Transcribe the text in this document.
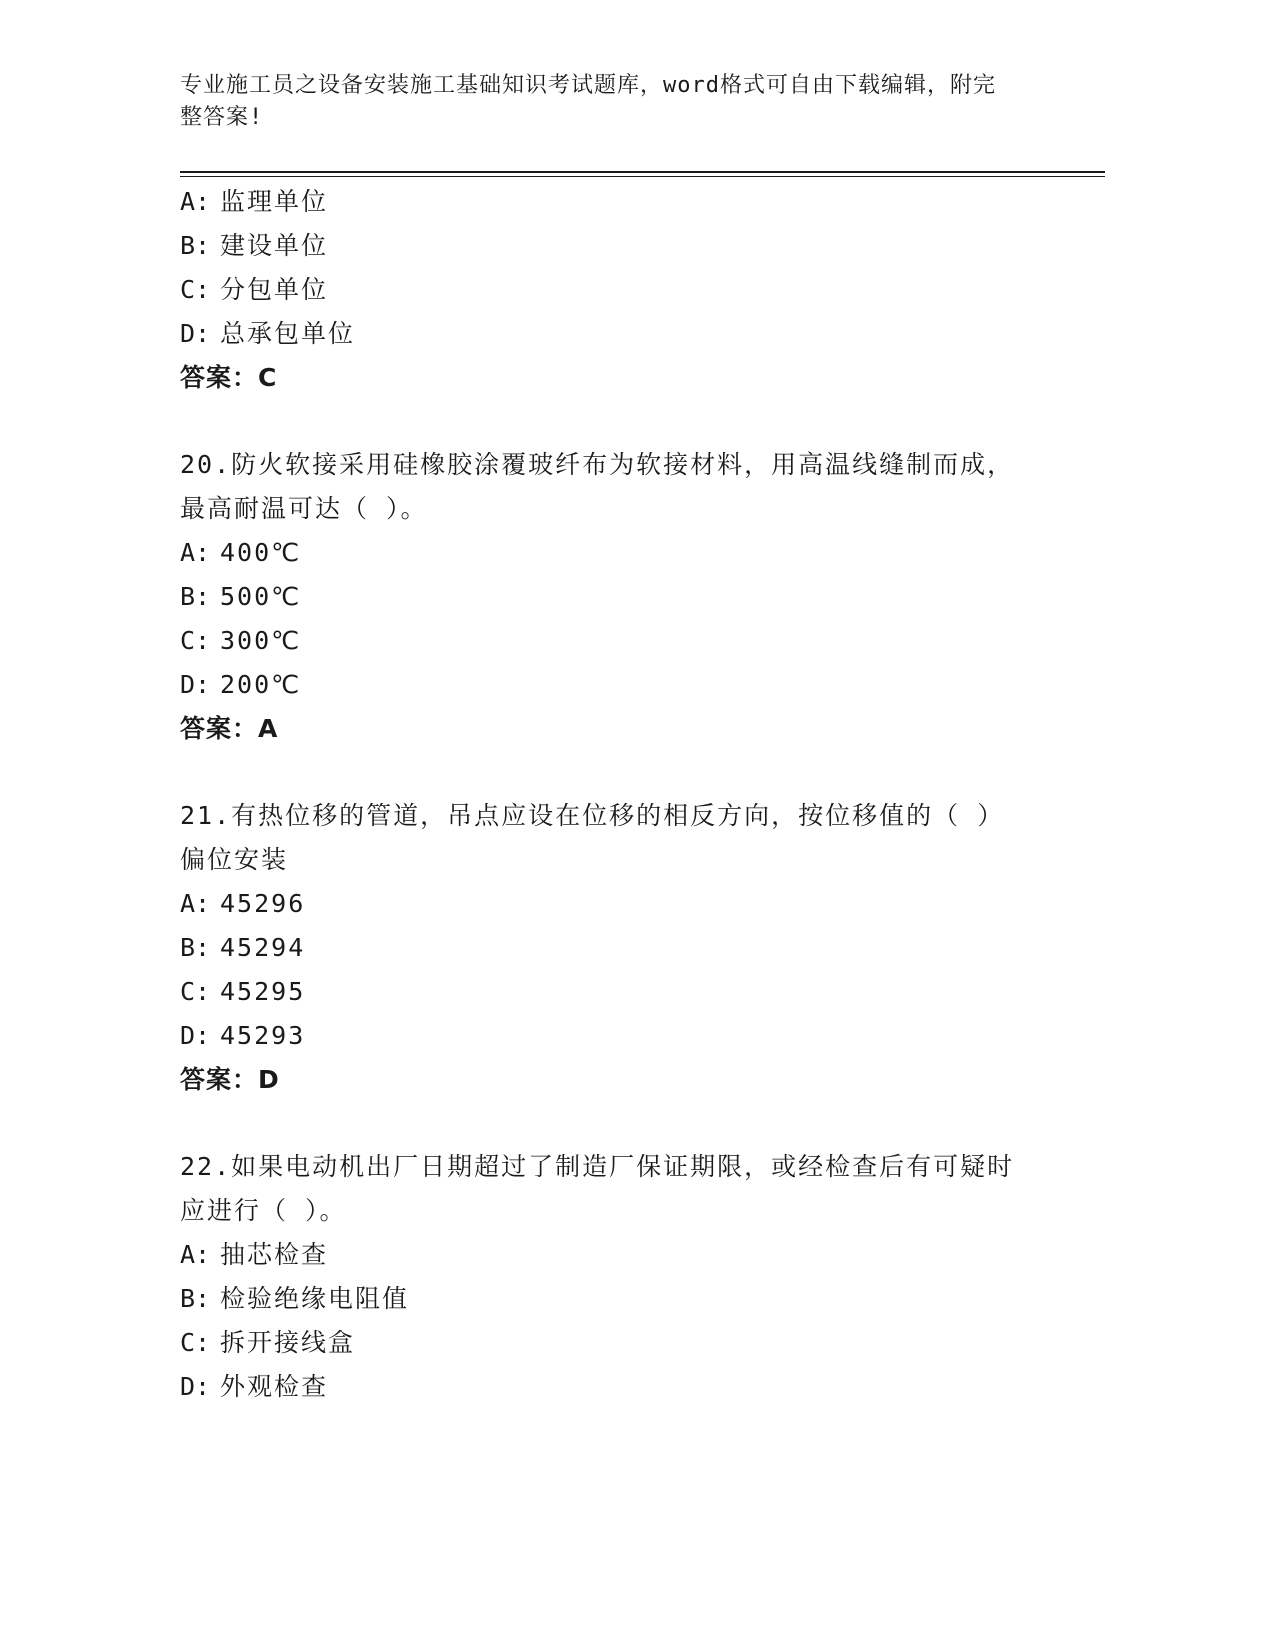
专业施工员之设备安装施工基础知识考试题库，word格式可自由下载编辑，附完
整答案!
A: 监理单位
B: 建设单位
C: 分包单位
D: 总承包单位
答案：C
20.防火软接采用硅橡胶涂覆玻纤布为软接材料，用高温线缝制而成，
最高耐温可达（ ）。
A: 400℃
B: 500℃
C: 300℃
D: 200℃
答案：A
21.有热位移的管道，吊点应设在位移的相反方向，按位移值的（ ）
偏位安装
A: 45296
B: 45294
C: 45295
D: 45293
答案：D
22.如果电动机出厂日期超过了制造厂保证期限，或经检查后有可疑时
应进行（ ）。
A: 抽芯检查
B: 检验绝缘电阻值
C: 拆开接线盒
D: 外观检查
